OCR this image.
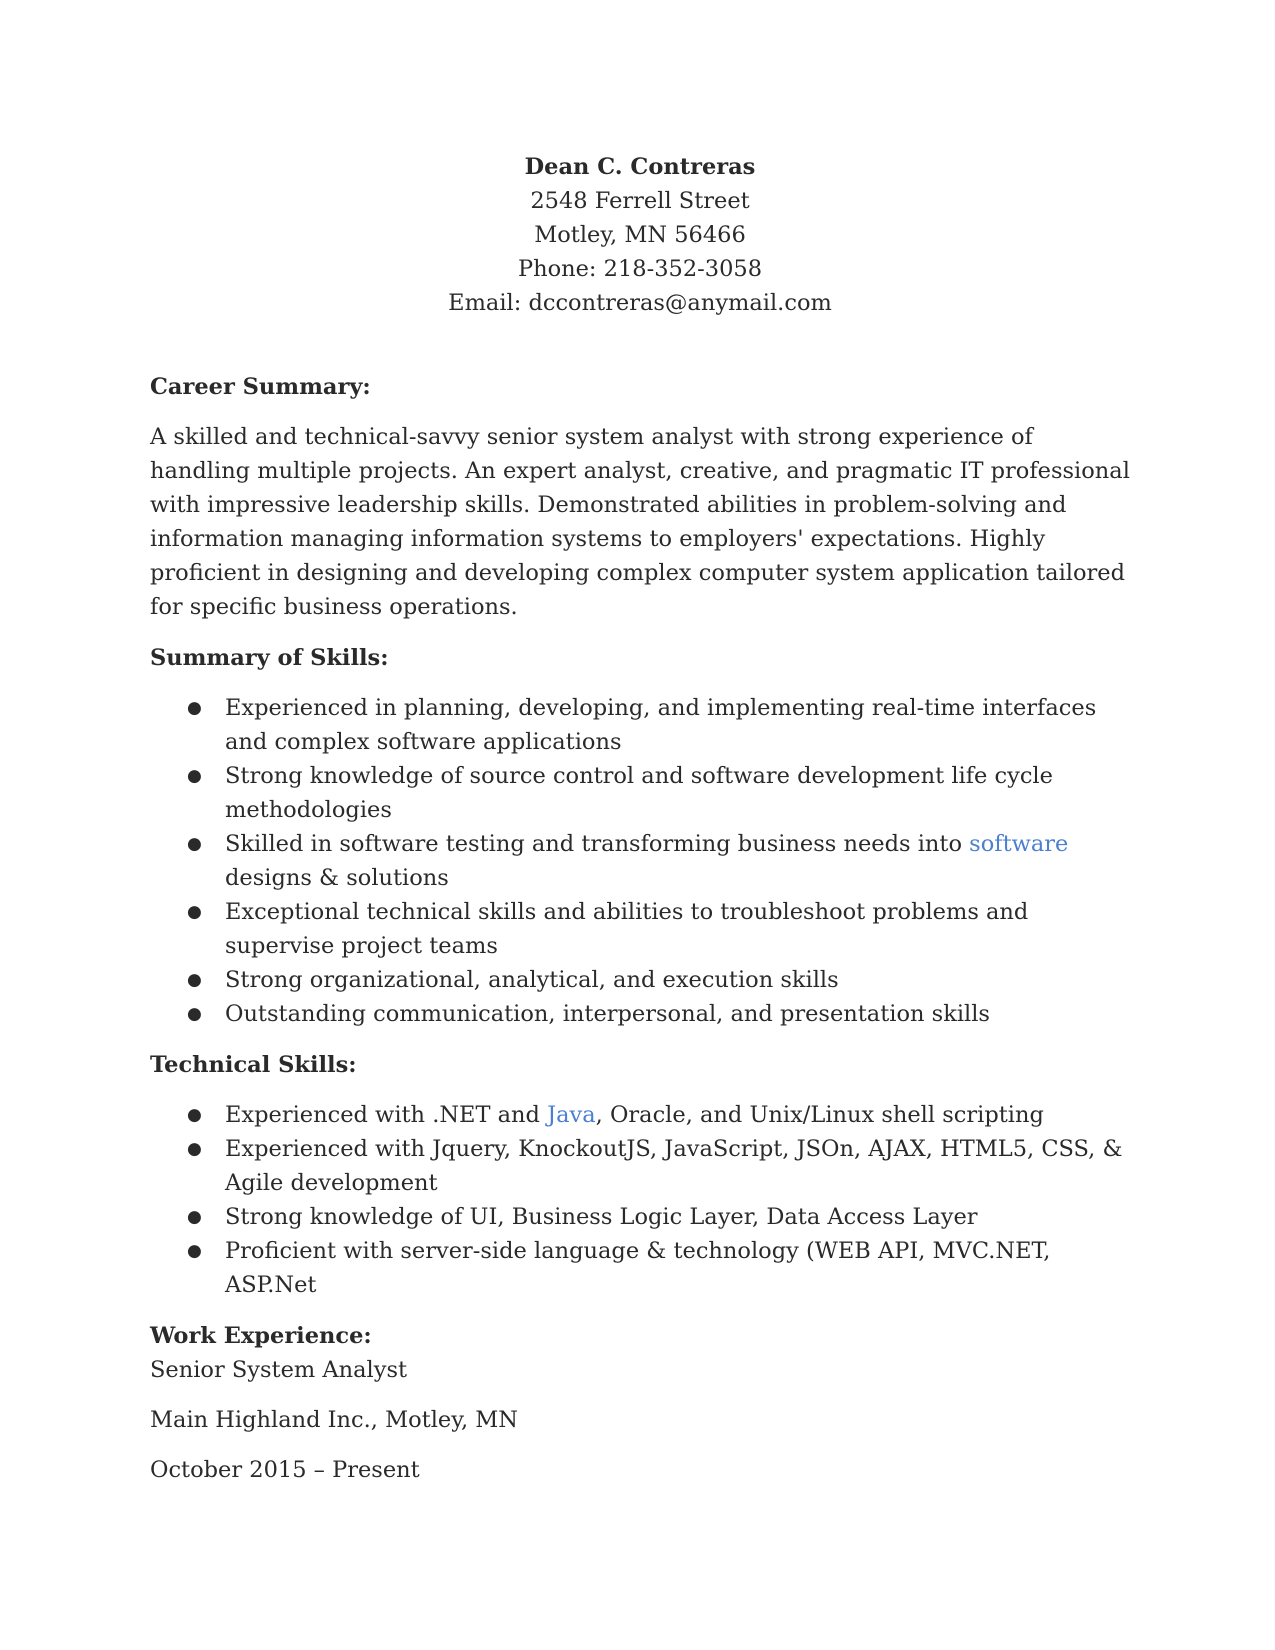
Dean C. Contreras
2548 Ferrell Street
Motley, MN 56466
Phone: 218-352-3058
Email: dccontreras@anymail.com
Career Summary:

A skilled and technical-savvy senior system analyst with strong experience of handling multiple projects. An expert analyst, creative, and pragmatic IT professional with impressive leadership skills. Demonstrated abilities in problem-solving and information managing information systems to employers' expectations. Highly proficient in designing and developing complex computer system application tailored for specific business operations.

Summary of Skills:
● Experienced in planning, developing, and implementing real-time interfaces and complex software applications
● Strong knowledge of source control and software development life cycle methodologies
● Skilled in software testing and transforming business needs into software designs & solutions
● Exceptional technical skills and abilities to troubleshoot problems and supervise project teams
● Strong organizational, analytical, and execution skills
● Outstanding communication, interpersonal, and presentation skills
Technical Skills:
● Experienced with .NET and Java, Oracle, and Unix/Linux shell scripting
● Experienced with Jquery, KnockoutJS, JavaScript, JSOn, AJAX, HTML5, CSS, & Agile development
● Strong knowledge of UI, Business Logic Layer, Data Access Layer
● Proficient with server-side language & technology (WEB API, MVC.NET, ASP.Net
Work Experience:
Senior System Analyst
Main Highland Inc., Motley, MN
October 2015 – Present
